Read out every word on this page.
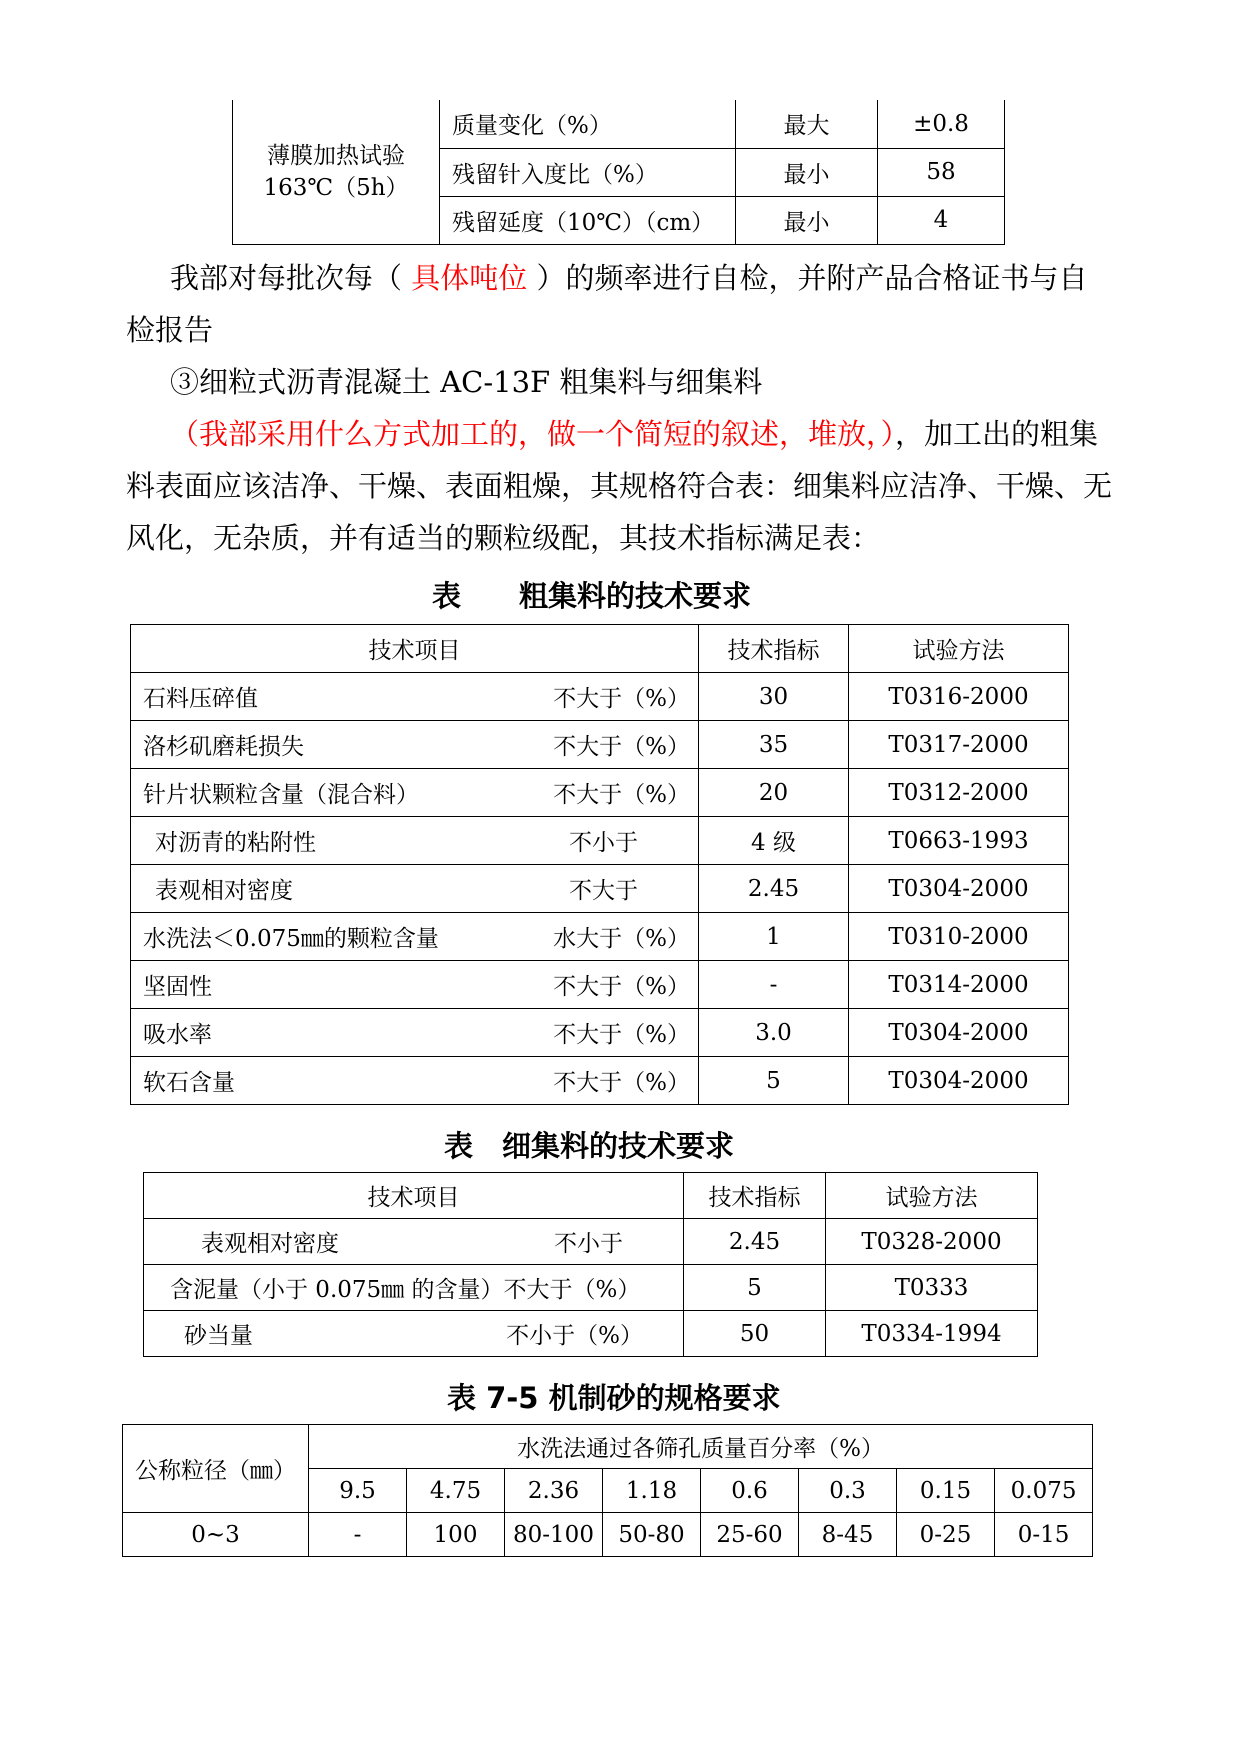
薄膜加热试验
163℃（5h）	质量变化（%）	最大	±0.8
	残留针入度比（%）	最小	58
	残留延度（10℃）（cm）	最小	4
我部对每批次每（ 具体吨位 ）的频率进行自检，并附产品合格证书与自
检报告
③细粒式沥青混凝土 AC-13F 粗集料与细集料
（我部采用什么方式加工的，做一个简短的叙述，堆放，），加工出的粗集
料表面应该洁净、干燥、表面粗燥，其规格符合表：细集料应洁净、干燥、无
风化，无杂质，并有适当的颗粒级配，其技术指标满足表：
表　　粗集料的技术要求
技术项目	技术指标	试验方法

石料压碎值 不大于（%）	30	T0316-2000

洛杉矶磨耗损失 不大于（%）	35	T0317-2000

针片状颗粒含量（混合料） 不大于（%）	20	T0312-2000

对沥青的粘附性 不小于	4 级	T0663-1993

表观相对密度 不大于	2.45	T0304-2000

水洗法＜0.075㎜的颗粒含量 水大于（%）	1	T0310-2000

坚固性 不大于（%）	-	T0314-2000

吸水率 不大于（%）	3.0	T0304-2000

软石含量 不大于（%）	5	T0304-2000
表　细集料的技术要求
技术项目	技术指标	试验方法

表观相对密度 不小于	2.45	T0328-2000
含泥量（小于 0.075㎜ 的含量）不大于（%）	5	T0333

砂当量 不小于（%）	50	T0334-1994
表 7-5 机制砂的规格要求
公称粒径（㎜）	水洗法通过各筛孔质量百分率（%）							
	9.5	4.75	2.36	1.18	0.6	0.3	0.15	0.075
0~3	-	100	80-100	50-80	25-60	8-45	0-25	0-15
